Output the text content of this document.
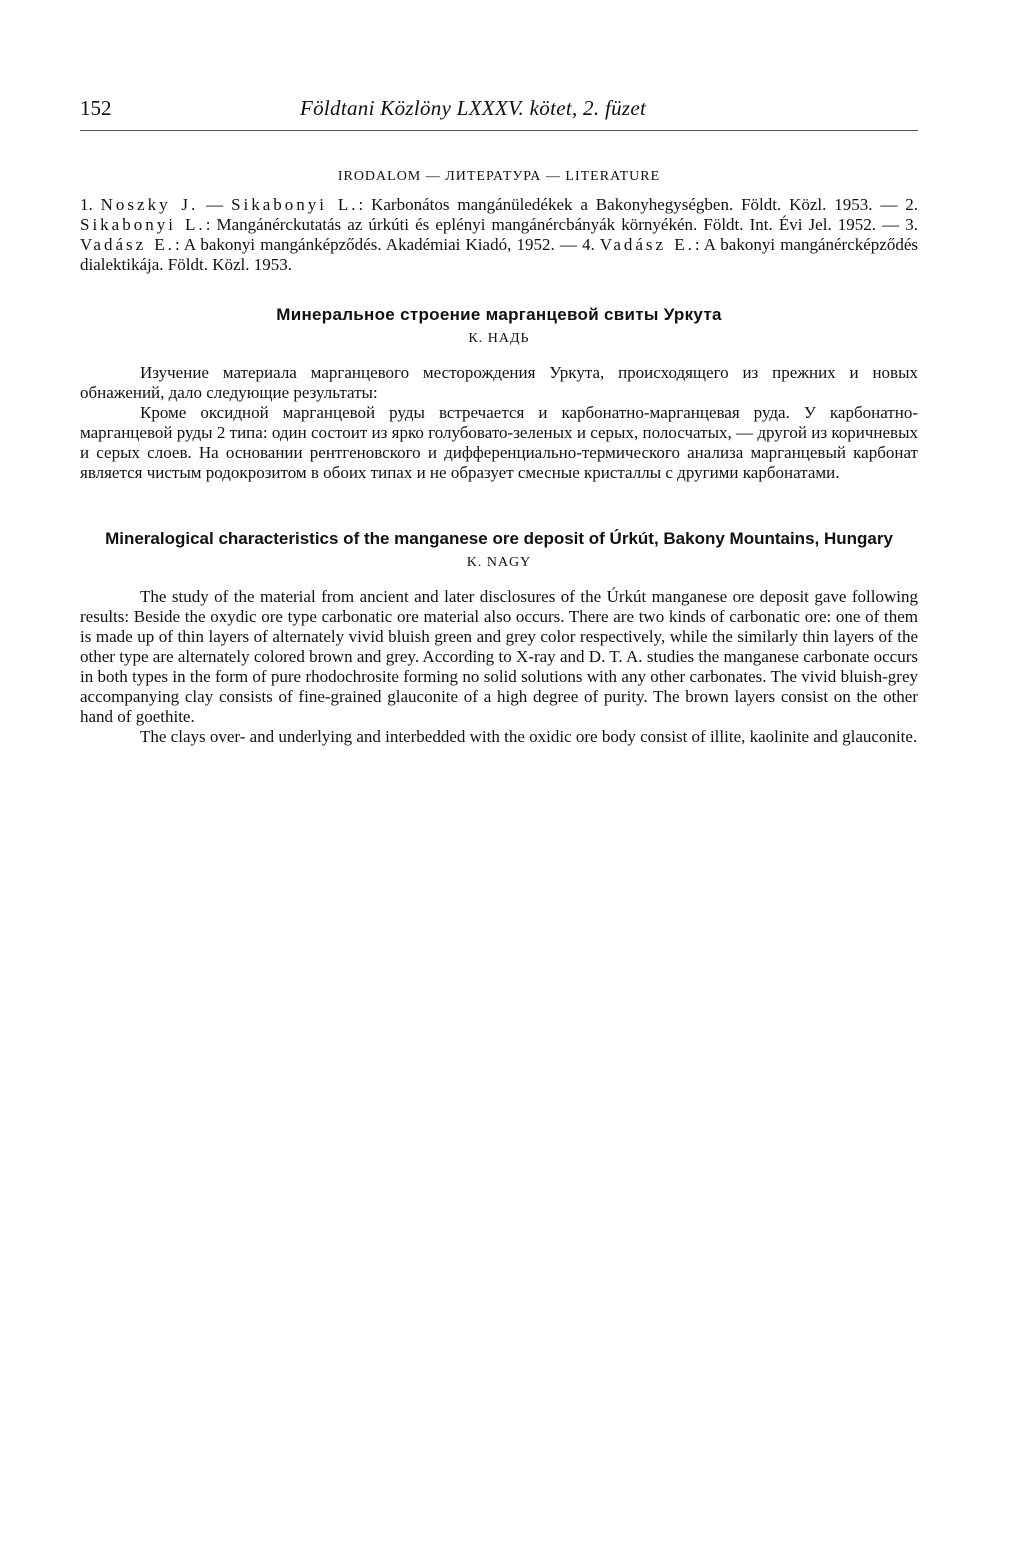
152	Földtani Közlöny LXXXV. kötet, 2. füzet
IRODALOM — ЛИТЕРАТУРА — LITERATURE

1. Noszky J. — Sikabonyi L.: Karbonátos mangánüledékek a Bakonyhegységben. Földt. Közl. 1953. — 2. Sikabonyi L.: Mangánérckutatás az úrkúti és eplényi mangánércbányák környékén. Földt. Int. Évi Jel. 1952. — 3. Vadász E.: A bakonyi mangánképződés. Akadémiai Kiadó, 1952. — 4. Vadász E.: A bakonyi mangánércképződés dialektikája. Földt. Közl. 1953.

Минеральное строение марганцевой свиты Уркута
К. НАДЬ

Изучение материала марганцевого месторождения Уркута, происходящего из прежних и новых обнажений, дало следующие результаты:

Кроме оксидной марганцевой руды встречается и карбонатно-марганцевая руда. У карбонатно-марганцевой руды 2 типа: один состоит из ярко голубовато-зеленых и серых, полосчатых, — другой из коричневых и серых слоев. На основании рентгеновского и дифференциально-термического анализа марганцевый карбонат является чистым родокрозитом в обоих типах и не образует смесные кристаллы с другими карбонатами.

Mineralogical characteristics of the manganese ore deposit of Úrkút, Bakony Mountains, Hungary
K. NAGY

The study of the material from ancient and later disclosures of the Úrkút manganese ore deposit gave following results: Beside the oxydic ore type carbonatic ore material also occurs. There are two kinds of carbonatic ore: one of them is made up of thin layers of alternately vivid bluish green and grey color respectively, while the similarly thin layers of the other type are alternately colored brown and grey. According to X-ray and D. T. A. studies the manganese carbonate occurs in both types in the form of pure rhodochrosite forming no solid solutions with any other carbonates. The vivid bluish-grey accompanying clay consists of fine-grained glauconite of a high degree of purity. The brown layers consist on the other hand of goethite.

The clays over- and underlying and interbedded with the oxidic ore body consist of illite, kaolinite and glauconite.
